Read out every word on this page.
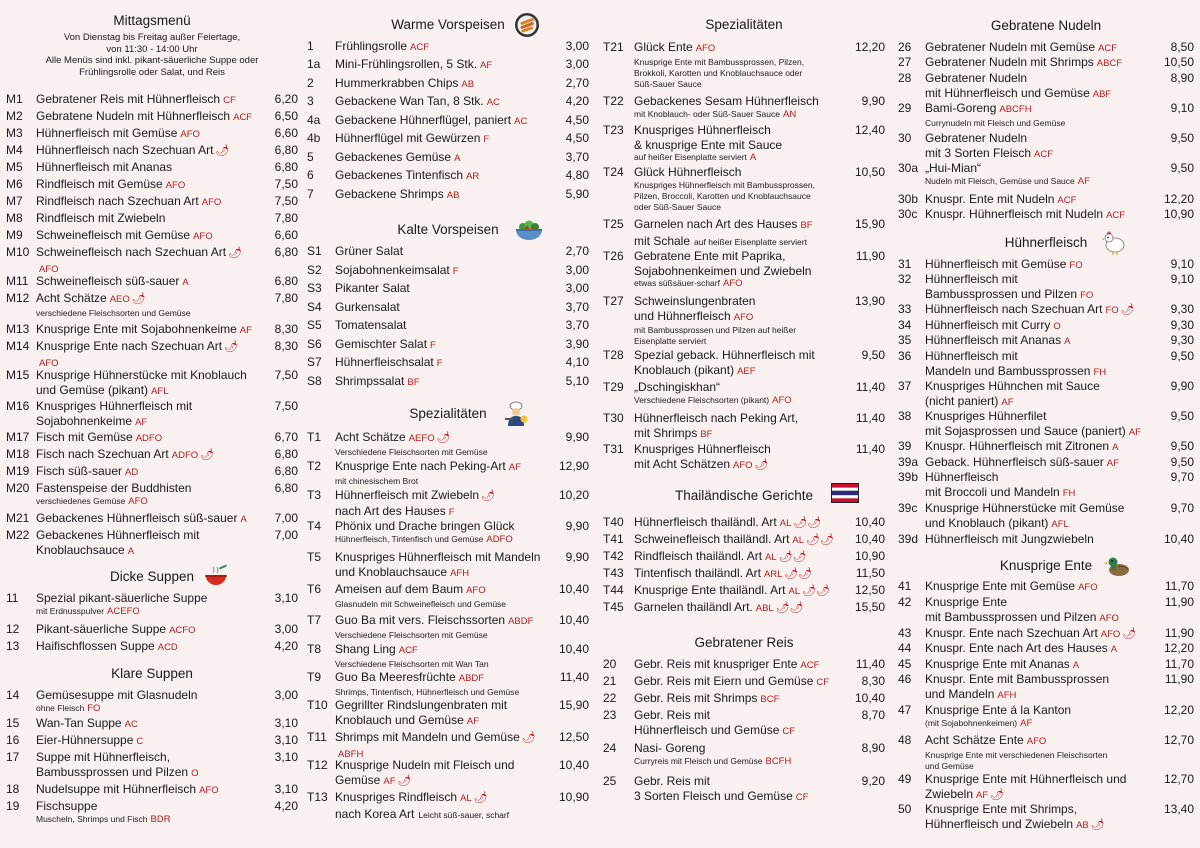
Mittagsmenü
Von Dienstag bis Freitag außer Feiertage,
von 11:30 - 14:00 Uhr
Alle Menüs sind inkl. pikant-säuerliche Suppe oder
Frühlingsrolle oder Salat, und Reis
M1 Gebratener Reis mit Hühnerfleisch CF	6,20
M2 Gebratene Nudeln mit Hühnerfleisch ACF 6,50
M3 Hühnerfleisch mit Gemüse AFO	6,60
M4 Hühnerfleisch nach Szechuan Art 🌶	6,80
M5 Hühnerfleisch mit Ananas	6,80
M6 Rindfleisch mit Gemüse AFO	7,50
M7 Rindfleisch nach Szechuan Art AFO	7,50
M8 Rindfleisch mit Zwiebeln	7,80
M9 Schweinefleisch mit Gemüse AFO	6,60
M10 Schweinefleisch nach Szechuan Art 🌶
AFO
6,80
M11 Schweinefleisch süß-sauer A	6,80
M12 Acht Schätze AEO 🌶
verschiedene Fleischsorten und Gemüse
7,80
M13 Knusprige Ente mit Sojabohnenkeime AF 8,30
M14 Knusprige Ente nach Szechuan Art 🌶
AFO
8,30
M15 Knusprige Hühnerstücke mit Knoblauch
und Gemüse (pikant) AFL
7,50
M16 Knuspriges Hühnerfleisch mit
Sojabohnenkeime AF
7,50
M17 Fisch mit Gemüse ADFO	6,70
M18 Fisch nach Szechuan Art ADFO 🌶	6,80
M19 Fisch süß-sauer AD	6,80
M20 Fastenspeise der Buddhisten
verschiedenes Gemüse AFO
6,80
M21 Gebackenes Hühnerfleisch süß-sauer A 7,00
M22 Gebackenes Hühnerfleisch mit
Knoblauchsauce A
7,00
Dicke Suppen
11 Spezial pikant-säuerliche Suppe
mit Erdnusspulver ACEFO
3,10
12 Pikant-säuerliche Suppe ACFO	3,00
13 Haifischflossen Suppe ACD	4,20
Klare Suppen
14 Gemüsesuppe mit Glasnudeln
ohne Fleisch FO
3,00
15 Wan-Tan Suppe AC	3,10
16 Eier-Hühnersuppe C	3,10
17 Suppe mit Hühnerfleisch,
Bambussprossen und Pilzen O
3,10
18 Nudelsuppe mit Hühnerfleisch AFO	3,10
19 Fischsuppe
Muscheln, Shrimps und Fisch BDR
4,20
Warme Vorspeisen
1 Frühlingsrolle ACF	3,00
1a Mini-Frühlingsrollen, 5 Stk. AF	3,00
2 Hummerkrabben Chips AB	2,70
3 Gebackene Wan Tan, 8 Stk. AC	4,20
4a Gebackene Hühnerflügel, paniert AC	4,50
4b Hühnerflügel mit Gewürzen F	4,50
5 Gebackenes Gemüse A	3,70
6 Gebackenes Tintenfisch AR	4,80
7 Gebackene Shrimps AB	5,90
Kalte Vorspeisen
S1 Grüner Salat	2,70
S2 Sojabohnenkeimsalat F	3,00
S3 Pikanter Salat	3,00
S4 Gurkensalat	3,70
S5 Tomatensalat	3,70
S6 Gemischter Salat F	3,90
S7 Hühnerfleischsalat F	4,10
S8 Shrimpssalat BF	5,10
Spezialitäten
T1 Acht Schätze AEFO 🌶
Verschiedene Fleischsorten mit Gemüse
9,90
T2 Knusprige Ente nach Peking-Art AF
mit chinesischem Brot
12,90
T3 Hühnerfleisch mit Zwiebeln 🌶
nach Art des Hauses F
10,20
T4 Phönix und Drache bringen Glück
Hühnerfleisch, Tintenfisch und Gemüse ADFO
9,90
T5 Knuspriges Hühnerfleisch mit Mandeln
und Knoblauchsauce AFH
9,90
T6 Ameisen auf dem Baum AFO
Glasnudeln mit Schweinefleisch und Gemüse
10,40
T7 Guo Ba mit vers. Fleischssorten ABDF
Verschiedene Fleischsorten mit Gemüse
10,40
T8 Shang Ling ACF
Verschiedene Fleischsorten mit Wan Tan
10,40
T9 Guo Ba Meeresfrüchte ABDF
Shrimps, Tintenfisch, Hühnerfleisch und Gemüse
11,40
T10 Gegrillter Rindslungenbraten mit
Knoblauch und Gemüse AF
15,90
T11 Shrimps mit Mandeln und Gemüse 🌶
ABFH
12,50
T12 Knusprige Nudeln mit Fleisch und
Gemüse AF 🌶
10,40
T13 Knuspriges Rindfleisch AL 🌶
nach Korea Art Leicht süß-sauer, scharf
10,90
Spezialitäten
T21 Glück Ente AFO
Knusprige Ente mit Bambussprossen, Pilzen,
Brokkoli, Karotten und Knoblauchsauce oder
Süß-Sauer Sauce
12,20
T22 Gebackenes Sesam Hühnerfleisch
mit Knoblauch- oder Süß-Sauer Sauce AN
9,90
T23 Knuspriges Hühnerfleisch
& knusprige Ente mit Sauce
auf heißer Eisenplatte serviert A
12,40
T24 Glück Hühnerfleisch
Knuspriges Hühnerfleisch mit Bambussprossen,
Pilzen, Broccoli, Karotten und Knoblauchsauce
oder Süß-Sauer Sauce
10,50
T25 Garnelen nach Art des Hauses BF
mit Schale auf heißer Eisenplatte serviert
15,90
T26 Gebratene Ente mit Paprika,
Sojabohnenkeimen und Zwiebeln
etwas süßsäuer-scharf AFO
11,90
T27 Schweinslungenbraten
und Hühnerfleisch AFO
mit Bambussprossen und Pilzen auf heißer
Eisenplatte serviert
13,90
T28 Spezial geback. Hühnerfleisch mit
Knoblauch (pikant) AEF
9,50
T29 „Dschingiskhan“
Verschiedene Fleischsorten (pikant) AFO
11,40
T30 Hühnerfleisch nach Peking Art,
mit Shrimps BF
11,40
T31 Knuspriges Hühnerfleisch
mit Acht Schätzen AFO 🌶
11,40
Thailändische Gerichte
T40 Hühnerfleisch thailändl. Art AL 🌶🌶	10,40
T41 Schweinefleisch thailändl. Art AL 🌶🌶 10,40
T42 Rindfleisch thailändl. Art AL 🌶🌶	10,90
T43 Tintenfisch thailändl. Art ARL 🌶🌶	11,50
T44 Knusprige Ente thailändl. Art AL 🌶🌶 12,50
T45 Garnelen thailändl Art. ABL 🌶🌶	15,50
Gebratener Reis
20 Gebr. Reis mit knuspriger Ente ACF	11,40
21 Gebr. Reis mit Eiern und Gemüse CF	8,30
22 Gebr. Reis mit Shrimps BCF	10,40
23 Gebr. Reis mit
Hühnerfleisch und Gemüse CF
8,70
24 Nasi- Goreng
Curryreis mit Fleisch und Gemüse BCFH
8,90
25 Gebr. Reis mit
3 Sorten Fleisch und Gemüse CF
9,20
Gebratene Nudeln
26 Gebratener Nudeln mit Gemüse ACF	8,50
27 Gebratener Nudeln mit Shrimps ABCF	10,50
28 Gebratener Nudeln
mit Hühnerfleisch und Gemüse ABF
8,90
29 Bami-Goreng ABCFH
Currynudeln mit Fleisch und Gemüse
9,10
30 Gebratener Nudeln
mit 3 Sorten Fleisch ACF
9,50
30a „Hui-Mian“
Nudeln mit Fleisch, Gemüse und Sauce AF
9,50
30b Knuspr. Ente mit Nudeln ACF	12,20
30c Knuspr. Hühnerfleisch mit Nudeln ACF	10,90
Hühnerfleisch
31 Hühnerfleisch mit Gemüse FO	9,10
32 Hühnerfleisch mit
Bambussprossen und Pilzen FO
9,10
33 Hühnerfleisch nach Szechuan Art FO 🌶	9,30
34 Hühnerfleisch mit Curry O	9,30
35 Hühnerfleisch mit Ananas A	9,30
36 Hühnerfleisch mit
Mandeln und Bambussprossen FH
9,50
37 Knuspriges Hühnchen mit Sauce
(nicht paniert) AF
9,90
38 Knuspriges Hühnerfilet
mit Sojasprossen und Sauce (paniert) AF
9,50
39 Knuspr. Hühnerfleisch mit Zitronen A	9,50
39a Geback. Hühnerfleisch süß-sauer AF	9,50
39b Hühnerfleisch
mit Broccoli und Mandeln FH
9,70
39c Knusprige Hühnerstücke mit Gemüse
und Knoblauch (pikant) AFL
9,70
39d Hühnerfleisch mit Jungzwiebeln	10,40
Knusprige Ente
41 Knusprige Ente mit Gemüse AFO	11,70
42 Knusprige Ente
mit Bambussprossen und Pilzen AFO
11,90
43 Knuspr. Ente nach Szechuan Art AFO 🌶 11,90
44 Knuspr. Ente nach Art des Hauses A	12,20
45 Knusprige Ente mit Ananas A	11,70
46 Knuspr. Ente mit Bambussprossen
und Mandeln AFH
11,90
47 Knusprige Ente á la Kanton
(mit Sojabohnenkeimen) AF
12,20
48 Acht Schätze Ente AFO
Knusprige Ente mit verschiedenen Fleischsorten
und Gemüse
12,70
49 Knusprige Ente mit Hühnerfleisch und
Zwiebeln AF 🌶
12,70
50 Knusprige Ente mit Shrimps,
Hühnerfleisch und Zwiebeln AB 🌶
13,40
